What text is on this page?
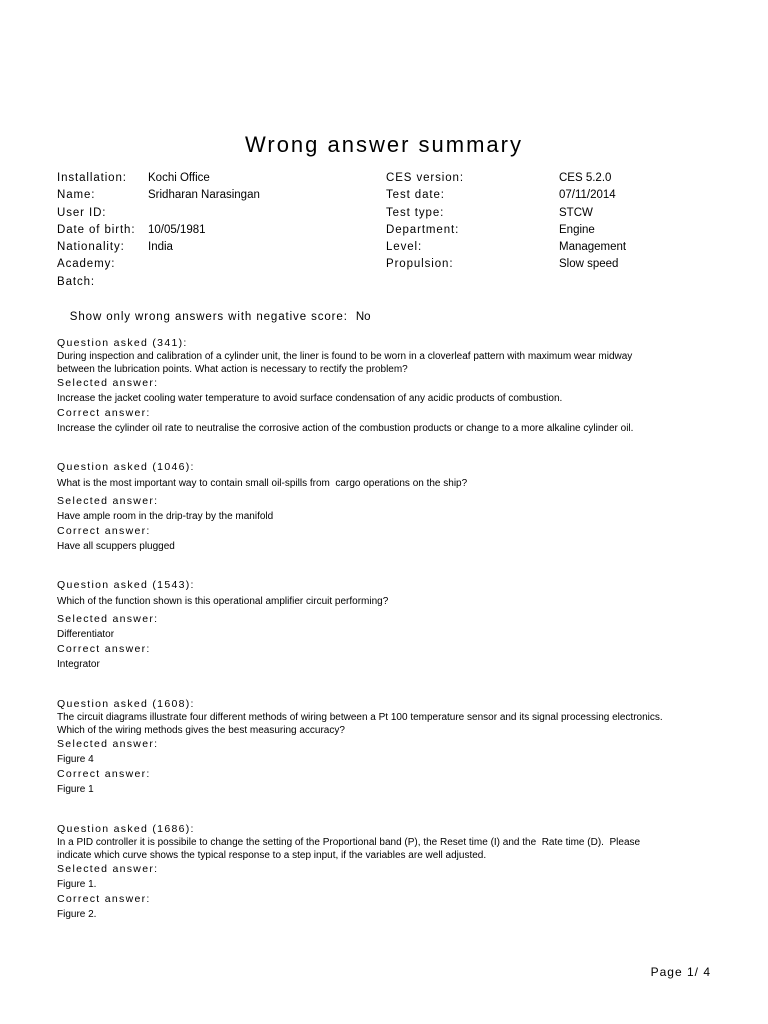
Wrong answer summary
Installation:	Kochi Office
Name:	Sridharan Narasingan
User ID:
Date of birth:	10/05/1981
Nationality:	India
Academy:
Batch:
CES version:	CES 5.2.0
Test date:	07/11/2014
Test type:	STCW
Department:	Engine
Level:	Management
Propulsion:	Slow speed

Show only wrong answers with negative score: No

Question asked (341):
During inspection and calibration of a cylinder unit, the liner is found to be worn in a cloverleaf pattern with maximum wear midway
between the lubrication points. What action is necessary to rectify the problem?
Selected answer:
Increase the jacket cooling water temperature to avoid surface condensation of any acidic products of combustion.
Correct answer:
Increase the cylinder oil rate to neutralise the corrosive action of the combustion products or change to a more alkaline cylinder oil.
Question asked (1046):
What is the most important way to contain small oil-spills from  cargo operations on the ship?
Selected answer:
Have ample room in the drip-tray by the manifold
Correct answer:
Have all scuppers plugged
Question asked (1543):
Which of the function shown is this operational amplifier circuit performing?
Selected answer:
Differentiator
Correct answer:
Integrator
Question asked (1608):
The circuit diagrams illustrate four different methods of wiring between a Pt 100 temperature sensor and its signal processing electronics.
Which of the wiring methods gives the best measuring accuracy?
Selected answer:
Figure 4
Correct answer:
Figure 1
Question asked (1686):
In a PID controller it is possibile to change the setting of the Proportional band (P), the Reset time (I) and the  Rate time (D).  Please
indicate which curve shows the typical response to a step input, if the variables are well adjusted.
Selected answer:
Figure 1.
Correct answer:
Figure 2.
Page 1/ 4
